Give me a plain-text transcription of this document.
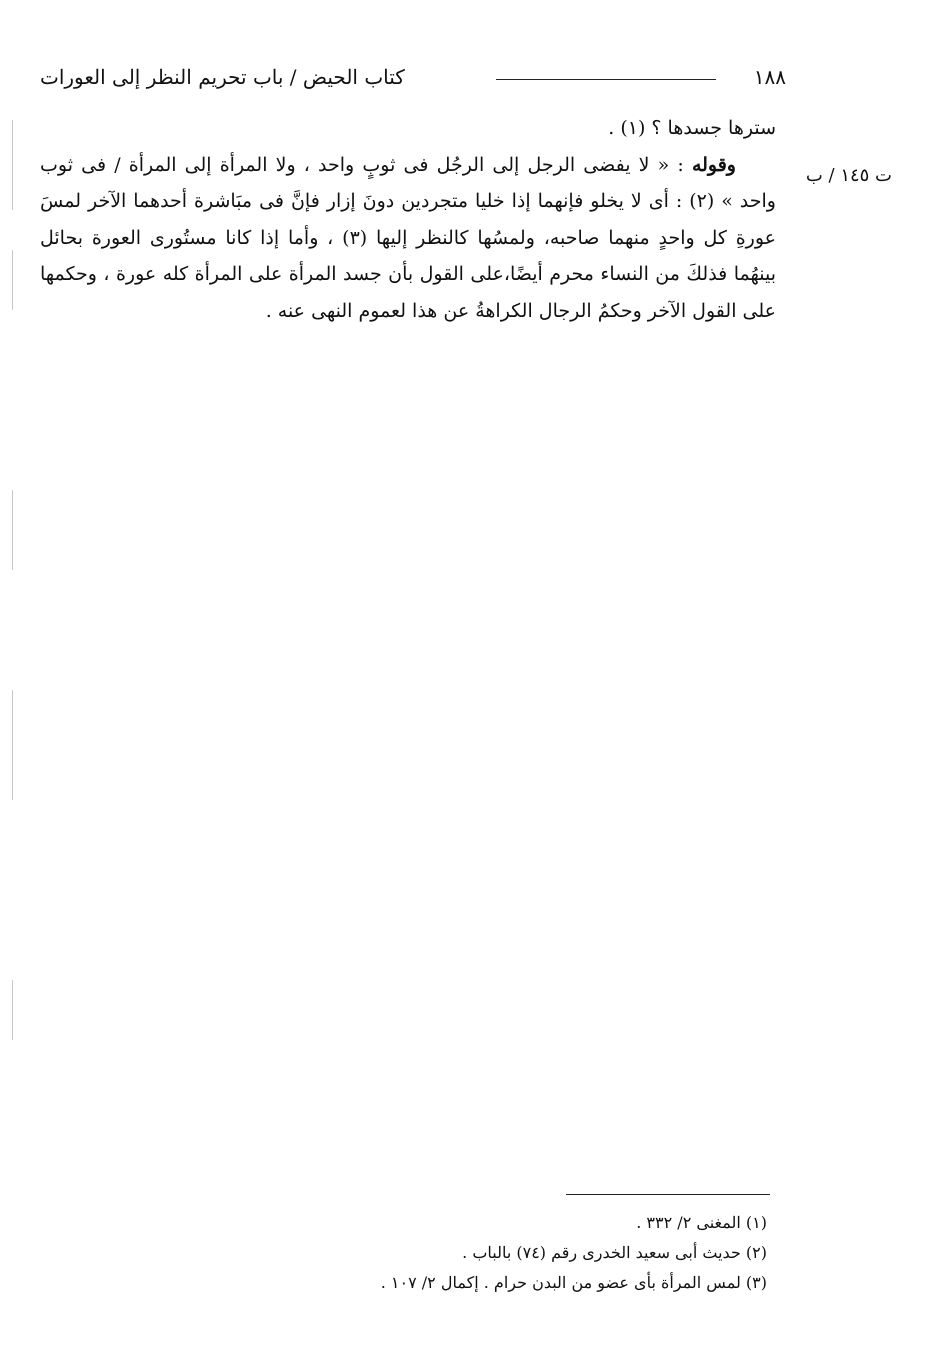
١٨٨
كتاب الحيض / باب تحريم النظر إلى العورات
ت ١٤٥ / ب

سترها جسدها ؟ (١) .

وقوله : « لا يفضى الرجل إلى الرجُل فى ثوبٍ واحد ، ولا المرأة إلى المرأة / فى ثوب واحد » (٢) : أى لا يخلو فإنهما إذا خليا متجردين دونَ إزار فإنَّ فى مبَاشرة أحدهما الآخر لمسَ عورةِ كل واحدٍ منهما صاحبه، ولمسُها كالنظر إليها (٣) ، وأما إذا كانا مستُورى العورة بحائل بينهُما فذلكَ من النساء محرم أيضًا،على القول بأن جسد المرأة على المرأة كله عورة ، وحكمها على القول الآخر وحكمُ الرجال الكراهةُ عن هذا لعموم النهى عنه .

(١) المغنى ٢/ ٣٣٢ .
(٢) حديث أبى سعيد الخدرى رقم (٧٤) بالباب .
(٣) لمس المرأة بأى عضو من البدن حرام . إكمال ٢/ ١٠٧ .
